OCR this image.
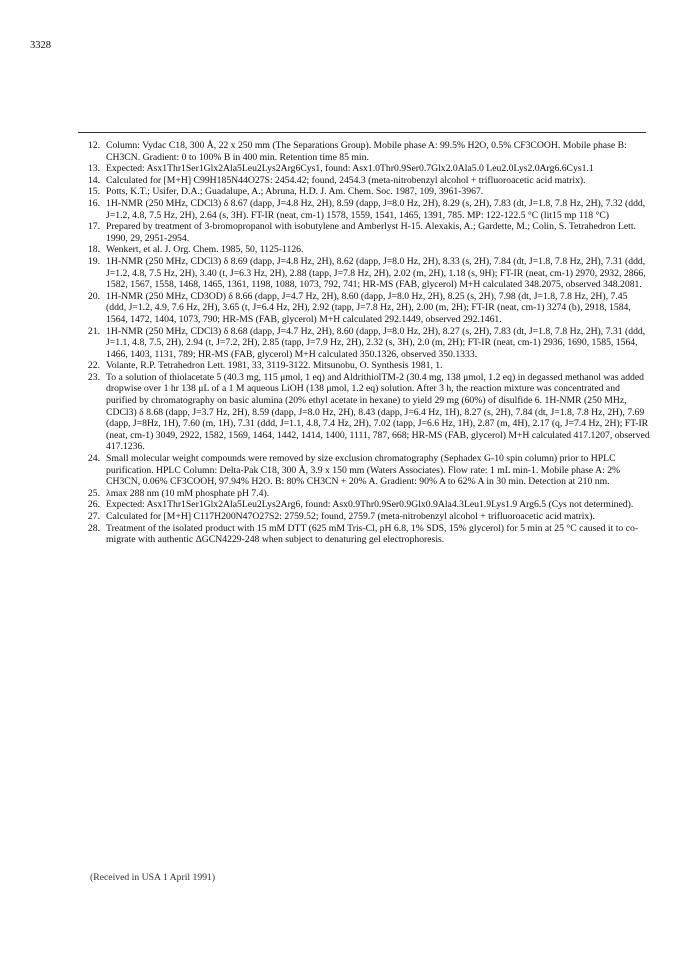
3328
12. Column: Vydac C18, 300 Å, 22 x 250 mm (The Separations Group). Mobile phase A: 99.5% H2O, 0.5% CF3COOH. Mobile phase B: CH3CN. Gradient: 0 to 100% B in 400 min. Retention time 85 min.
13. Expected: Asx1Thr1Ser1Glx2Ala5Leu2Lys2Arg6Cys1, found: Asx1.0Thr0.9Ser0.7Glx2.0Ala5.0 Leu2.0Lys2.0Arg6.6Cys1.1
14. Calculated for [M+H] C99H185N44O27S: 2454.42; found, 2454.3 (meta-nitrobenzyl alcohol + trifluoroacetic acid matrix).
15. Potts, K.T.; Usifer, D.A.; Guadalupe, A.; Abruna, H.D. J. Am. Chem. Soc. 1987, 109, 3961-3967.
16. 1H-NMR (250 MHz, CDCl3) δ 8.67 (dapp, J=4.8 Hz, 2H), 8.59 (dapp, J=8.0 Hz, 2H), 8.29 (s, 2H), 7.83 (dt, J=1.8, 7.8 Hz, 2H), 7.32 (ddd, J=1.2, 4.8, 7.5 Hz, 2H), 2.64 (s, 3H). FT-IR (neat, cm-1) 1578, 1559, 1541, 1465, 1391, 785. MP: 122-122.5 °C (lit15 mp 118 °C)
17. Prepared by treatment of 3-bromopropanol with isobutylene and Amberlyst H-15. Alexakis, A.; Gardette, M.; Colin, S. Tetrahedron Lett. 1990, 29, 2951-2954.
18. Wenkert, et al. J. Org. Chem. 1985, 50, 1125-1126.
19. 1H-NMR (250 MHz, CDCl3) δ 8.69 (dapp, J=4.8 Hz, 2H), 8.62 (dapp, J=8.0 Hz, 2H), 8.33 (s, 2H), 7.84 (dt, J=1.8, 7.8 Hz, 2H), 7.31 (ddd, J=1.2, 4.8, 7.5 Hz, 2H), 3.40 (t, J=6.3 Hz, 2H), 2.88 (tapp, J=7.8 Hz, 2H), 2.02 (m, 2H), 1.18 (s, 9H); FT-IR (neat, cm-1) 2970, 2932, 2866, 1582, 1567, 1558, 1468, 1465, 1361, 1198, 1088, 1073, 792, 741; HR-MS (FAB, glycerol) M+H calculated 348.2075, observed 348.2081.
20. 1H-NMR (250 MHz, CD3OD) δ 8.66 (dapp, J=4.7 Hz, 2H), 8.60 (dapp, J=8.0 Hz, 2H), 8.25 (s, 2H), 7.98 (dt, J=1.8, 7.8 Hz, 2H), 7.45 (ddd, J=1.2, 4.9, 7.6 Hz, 2H), 3.65 (t, J=6.4 Hz, 2H), 2.92 (tapp, J=7.8 Hz, 2H), 2.00 (m, 2H); FT-IR (neat, cm-1) 3274 (b), 2918, 1584, 1564, 1472, 1404, 1073, 790; HR-MS (FAB, glycerol) M+H calculated 292.1449, observed 292.1461.
21. 1H-NMR (250 MHz, CDCl3) δ 8.68 (dapp, J=4.7 Hz, 2H), 8.60 (dapp, J=8.0 Hz, 2H), 8.27 (s, 2H), 7.83 (dt, J=1.8, 7.8 Hz, 2H), 7.31 (ddd, J=1.1, 4.8, 7.5, 2H), 2.94 (t, J=7.2, 2H), 2.85 (tapp, J=7.9 Hz, 2H), 2.32 (s, 3H), 2.0 (m, 2H); FT-IR (neat, cm-1) 2936, 1690, 1585, 1564, 1466, 1403, 1131, 789; HR-MS (FAB, glycerol) M+H calculated 350.1326, observed 350.1333.
22. Volante, R.P. Tetrahedron Lett. 1981, 33, 3119-3122. Mitsunobu, O. Synthesis 1981, 1.
23. To a solution of thiolacetate 5 (40.3 mg, 115 μmol, 1 eq) and AldrithiolTM-2 (30.4 mg, 138 μmol, 1.2 eq) in degassed methanol was added dropwise over 1 hr 138 μL of a 1 M aqueous LiOH (138 μmol, 1.2 eq) solution. After 3 h, the reaction mixture was concentrated and purified by chromatography on basic alumina (20% ethyl acetate in hexane) to yield 29 mg (60%) of disulfide 6. 1H-NMR (250 MHz, CDCl3) δ 8.68 (dapp, J=3.7 Hz, 2H), 8.59 (dapp, J=8.0 Hz, 2H), 8.43 (dapp, J=6.4 Hz, 1H), 8.27 (s, 2H), 7.84 (dt, J=1.8, 7.8 Hz, 2H), 7.69 (dapp, J=8Hz, 1H), 7.60 (m, 1H), 7.31 (ddd, J=1.1, 4.8, 7.4 Hz, 2H), 7.02 (tapp, J=6.6 Hz, 1H), 2.87 (m, 4H), 2.17 (q, J=7.4 Hz, 2H); FT-IR (neat, cm-1) 3049, 2922, 1582, 1569, 1464, 1442, 1414, 1400, 1111, 787, 668; HR-MS (FAB, glycerol) M+H calculated 417.1207, observed 417.1236.
24. Small molecular weight compounds were removed by size exclusion chromatography (Sephadex G-10 spin column) prior to HPLC purification. HPLC Column: Delta-Pak C18, 300 Å, 3.9 x 150 mm (Waters Associates). Flow rate: 1 mL min-1. Mobile phase A: 2% CH3CN, 0.06% CF3COOH, 97.94% H2O. B: 80% CH3CN + 20% A. Gradient: 90% A to 62% A in 30 min. Detection at 210 nm.
25. λmax 288 nm (10 mM phosphate pH 7.4).
26. Expected: Asx1Thr1Ser1Glx2Ala5Leu2Lys2Arg6, found: Asx0.9Thr0.9Ser0.9Glx0.9Ala4.3Leu1.9Lys1.9 Arg6.5 (Cys not determined).
27. Calculated for [M+H] C117H200N47O27S2: 2759.52; found, 2759.7 (meta-nitrobenzyl alcohol + trifluoroacetic acid matrix).
28. Treatment of the isolated product with 15 mM DTT (625 mM Tris-Cl, pH 6.8, 1% SDS, 15% glycerol) for 5 min at 25 °C caused it to co-migrate with authentic ΔGCN4229-248 when subject to denaturing gel electrophoresis.
(Received in USA 1 April 1991)
